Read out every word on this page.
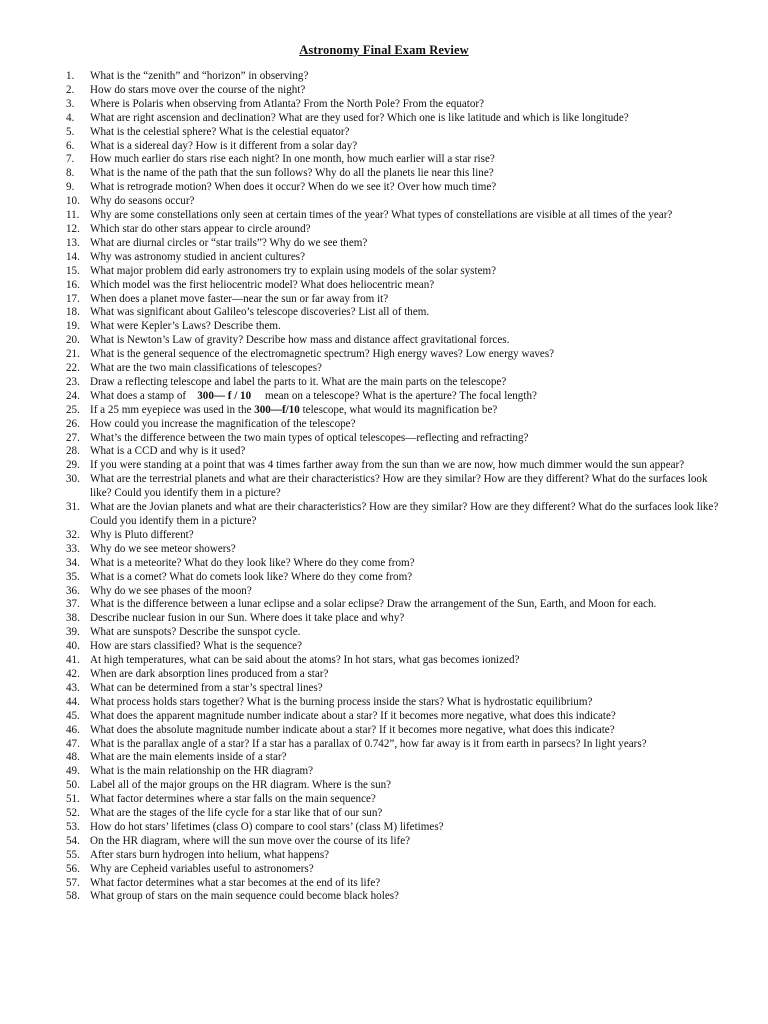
Astronomy Final Exam Review
1. What is the “zenith” and “horizon” in observing?
2. How do stars move over the course of the night?
3. Where is Polaris when observing from Atlanta? From the North Pole? From the equator?
4. What are right ascension and declination? What are they used for? Which one is like latitude and which is like longitude?
5. What is the celestial sphere? What is the celestial equator?
6. What is a sidereal day? How is it different from a solar day?
7. How much earlier do stars rise each night? In one month, how much earlier will a star rise?
8. What is the name of the path that the sun follows? Why do all the planets lie near this line?
9. What is retrograde motion? When does it occur? When do we see it? Over how much time?
10. Why do seasons occur?
11. Why are some constellations only seen at certain times of the year? What types of constellations are visible at all times of the year?
12. Which star do other stars appear to circle around?
13. What are diurnal circles or “star trails”? Why do we see them?
14. Why was astronomy studied in ancient cultures?
15. What major problem did early astronomers try to explain using models of the solar system?
16. Which model was the first heliocentric model? What does heliocentric mean?
17. When does a planet move faster—near the sun or far away from it?
18. What was significant about Galileo’s telescope discoveries? List all of them.
19. What were Kepler’s Laws? Describe them.
20. What is Newton’s Law of gravity? Describe how mass and distance affect gravitational forces.
21. What is the general sequence of the electromagnetic spectrum? High energy waves? Low energy waves?
22. What are the two main classifications of telescopes?
23. Draw a reflecting telescope and label the parts to it. What are the main parts on the telescope?
24. What does a stamp of 300— f / 10 mean on a telescope? What is the aperture? The focal length?
25. If a 25 mm eyepiece was used in the 300—f/10 telescope, what would its magnification be?
26. How could you increase the magnification of the telescope?
27. What’s the difference between the two main types of optical telescopes—reflecting and refracting?
28. What is a CCD and why is it used?
29. If you were standing at a point that was 4 times farther away from the sun than we are now, how much dimmer would the sun appear?
30. What are the terrestrial planets and what are their characteristics? How are they similar? How are they different? What do the surfaces look like? Could you identify them in a picture?
31. What are the Jovian planets and what are their characteristics? How are they similar? How are they different? What do the surfaces look like? Could you identify them in a picture?
32. Why is Pluto different?
33. Why do we see meteor showers?
34. What is a meteorite? What do they look like? Where do they come from?
35. What is a comet? What do comets look like? Where do they come from?
36. Why do we see phases of the moon?
37. What is the difference between a lunar eclipse and a solar eclipse? Draw the arrangement of the Sun, Earth, and Moon for each.
38. Describe nuclear fusion in our Sun. Where does it take place and why?
39. What are sunspots? Describe the sunspot cycle.
40. How are stars classified? What is the sequence?
41. At high temperatures, what can be said about the atoms? In hot stars, what gas becomes ionized?
42. When are dark absorption lines produced from a star?
43. What can be determined from a star’s spectral lines?
44. What process holds stars together? What is the burning process inside the stars? What is hydrostatic equilibrium?
45. What does the apparent magnitude number indicate about a star? If it becomes more negative, what does this indicate?
46. What does the absolute magnitude number indicate about a star? If it becomes more negative, what does this indicate?
47. What is the parallax angle of a star? If a star has a parallax of 0.742”, how far away is it from earth in parsecs? In light years?
48. What are the main elements inside of a star?
49. What is the main relationship on the HR diagram?
50. Label all of the major groups on the HR diagram. Where is the sun?
51. What factor determines where a star falls on the main sequence?
52. What are the stages of the life cycle for a star like that of our sun?
53. How do hot stars’ lifetimes (class O) compare to cool stars’ (class M) lifetimes?
54. On the HR diagram, where will the sun move over the course of its life?
55. After stars burn hydrogen into helium, what happens?
56. Why are Cepheid variables useful to astronomers?
57. What factor determines what a star becomes at the end of its life?
58. What group of stars on the main sequence could become black holes?
